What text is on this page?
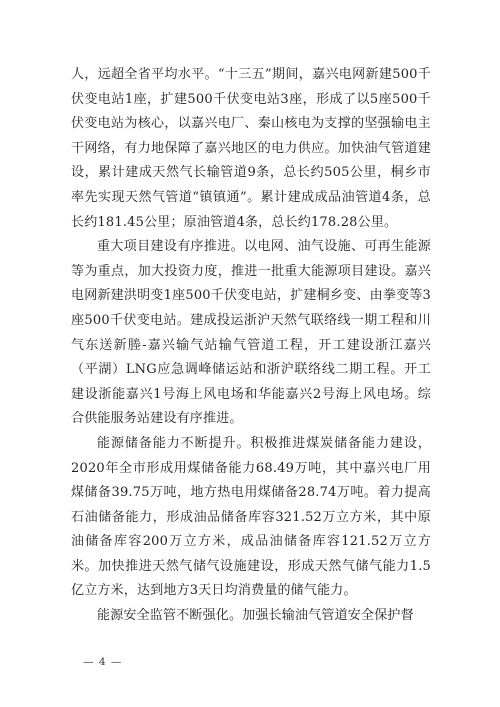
人，远超全省平均水平。“十三五”期间，嘉兴电网新建500千伏变电站1座，扩建500千伏变电站3座，形成了以5座500千伏变电站为核心，以嘉兴电厂、秦山核电为支撑的坚强输电主干网络，有力地保障了嘉兴地区的电力供应。加快油气管道建设，累计建成天然气长输管道9条，总长约505公里，桐乡市率先实现天然气管道“镇镇通”。累计建成成品油管道4条，总长约181.45公里；原油管道4条，总长约178.28公里。

重大项目建设有序推进。以电网、油气设施、可再生能源等为重点，加大投资力度，推进一批重大能源项目建设。嘉兴电网新建洪明变1座500千伏变电站，扩建桐乡变、由拳变等3座500千伏变电站。建成投运浙沪天然气联络线一期工程和川气东送新塍-嘉兴输气站输气管道工程，开工建设浙江嘉兴（平湖）LNG应急调峰储运站和浙沪联络线二期工程。开工建设浙能嘉兴1号海上风电场和华能嘉兴2号海上风电场。综合供能服务站建设有序推进。

能源储备能力不断提升。积极推进煤炭储备能力建设，2020年全市形成用煤储备能力68.49万吨，其中嘉兴电厂用煤储备39.75万吨，地方热电用煤储备28.74万吨。着力提高石油储备能力，形成油品储备库容321.52万立方米，其中原油储备库容200万立方米，成品油储备库容121.52万立方米。加快推进天然气储气设施建设，形成天然气储气能力1.5亿立方米，达到地方3天日均消费量的储气能力。

能源安全监管不断强化。加强长输油气管道安全保护督

— 4 —
